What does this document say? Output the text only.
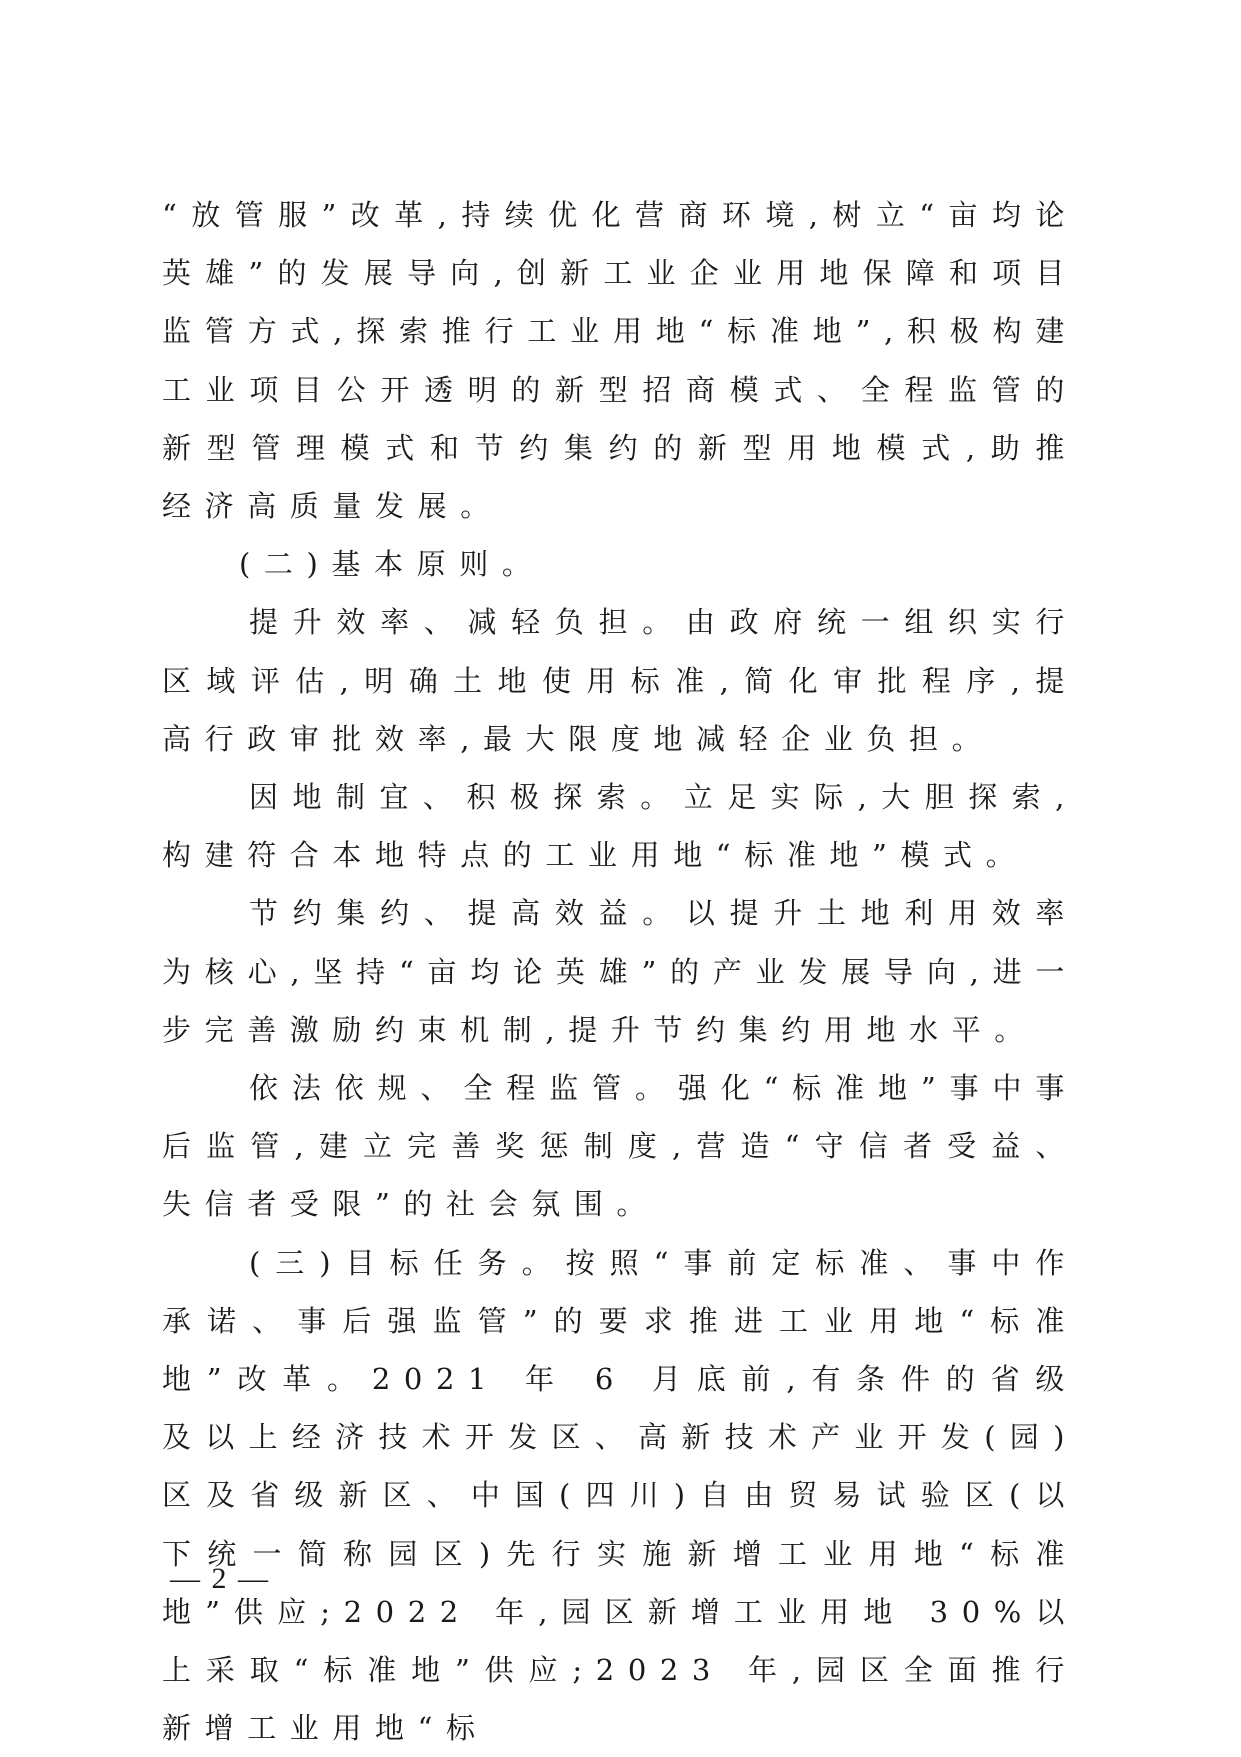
“放管服”改革,持续优化营商环境,树立“亩均论英雄”的发展导向,创新工业企业用地保障和项目监管方式,探索推行工业用地“标准地”,积极构建工业项目公开透明的新型招商模式、全程监管的新型管理模式和节约集约的新型用地模式,助推经济高质量发展。

(二)基本原则。

提升效率、减轻负担。由政府统一组织实行区域评估,明确土地使用标准,简化审批程序,提高行政审批效率,最大限度地减轻企业负担。

因地制宜、积极探索。立足实际,大胆探索,构建符合本地特点的工业用地“标准地”模式。

节约集约、提高效益。以提升土地利用效率为核心,坚持“亩均论英雄”的产业发展导向,进一步完善激励约束机制,提升节约集约用地水平。

依法依规、全程监管。强化“标准地”事中事后监管,建立完善奖惩制度,营造“守信者受益、失信者受限”的社会氛围。

(三)目标任务。按照“事前定标准、事中作承诺、事后强监管”的要求推进工业用地“标准地”改革。2021 年 6 月底前,有条件的省级及以上经济技术开发区、高新技术产业开发(园)区及省级新区、中国(四川)自由贸易试验区(以下统一简称园区)先行实施新增工业用地“标准地”供应;2022 年,园区新增工业用地 30%以上采取“标准地”供应;2023 年,园区全面推行新增工业用地“标

— 2 —
